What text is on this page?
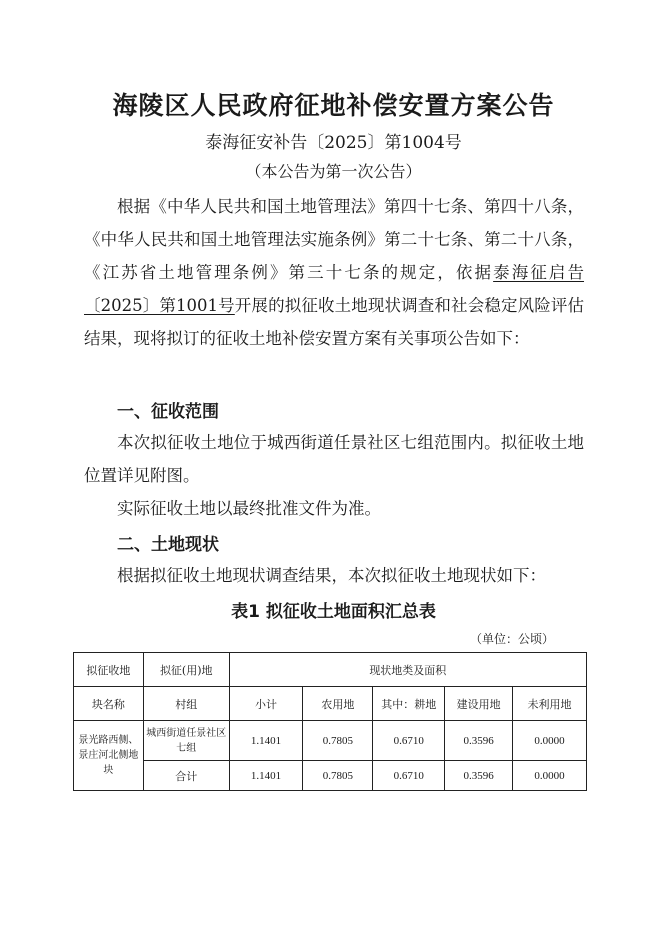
海陵区人民政府征地补偿安置方案公告
泰海征安补告〔2025〕第1004号
（本公告为第一次公告）

根据《中华人民共和国土地管理法》第四十七条、第四十八条，《中华人民共和国土地管理法实施条例》第二十七条、第二十八条，《江苏省土地管理条例》第三十七条的规定，依据泰海征启告〔2025〕第1001号开展的拟征收土地现状调查和社会稳定风险评估结果，现将拟订的征收土地补偿安置方案有关事项公告如下：

一、征收范围

本次拟征收土地位于城西街道任景社区七组范围内。拟征收土地位置详见附图。

实际征收土地以最终批准文件为准。

二、土地现状

根据拟征收土地现状调查结果，本次拟征收土地现状如下：

表1 拟征收土地面积汇总表
（单位：公顷）
拟征收地	拟征(用)地	现状地类及面积				
块名称	村组	小计	农用地	其中：耕地	建设用地	未利用地
景光路西侧、景庄河北侧地块	城西街道任景社区七组	1.1401	0.7805	0.6710	0.3596	0.0000
	合计	1.1401	0.7805	0.6710	0.3596	0.0000
